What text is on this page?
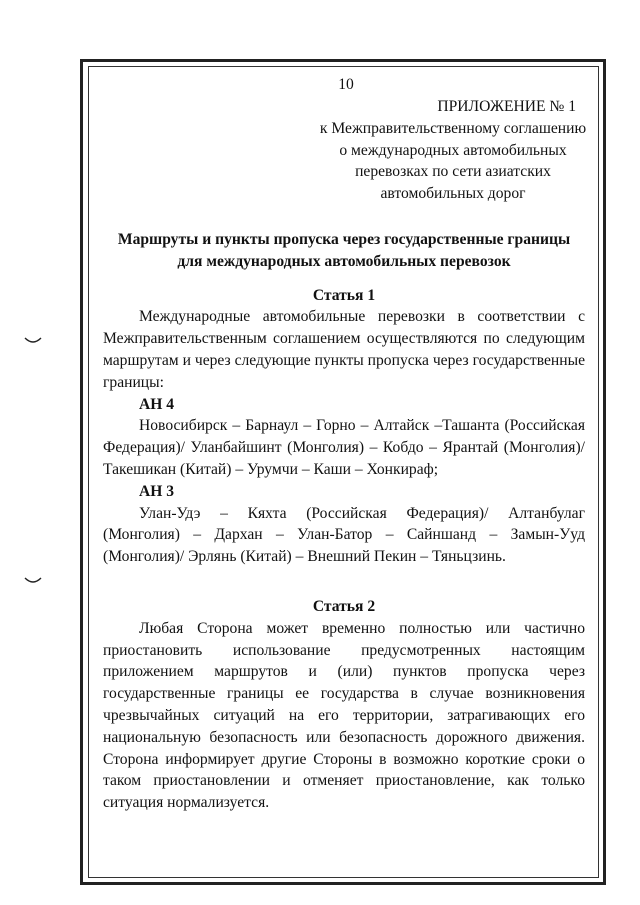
10
ПРИЛОЖЕНИЕ № 1
к Межправительственному соглашению
о международных автомобильных
перевозках по сети азиатских
автомобильных дорог
Маршруты и пункты пропуска через государственные границы
для международных автомобильных перевозок
Статья 1

Международные автомобильные перевозки в соответствии с Межправительственным соглашением осуществляются по следующим маршрутам и через следующие пункты пропуска через государственные границы:

АН 4

Новосибирск – Барнаул – Горно – Алтайск –Ташанта (Российская Федерация)/ Уланбайшинт (Монголия) – Кобдо – Ярантай (Монголия)/ Такешикан (Китай) – Урумчи – Каши – Хонкираф;

АН 3

Улан-Удэ – Кяхта (Российская Федерация)/ Алтанбулаг (Монголия) – Дархан – Улан-Батор – Сайншанд – Замын-Ууд (Монголия)/ Эрлянь (Китай) – Внешний Пекин – Тяньцзинь.

Статья 2

Любая Сторона может временно полностью или частично приостановить использование предусмотренных настоящим приложением маршрутов и (или) пунктов пропуска через государственные границы ее государства в случае возникновения чрезвычайных ситуаций на его территории, затрагивающих его национальную безопасность или безопасность дорожного движения. Сторона информирует другие Стороны в возможно короткие сроки о таком приостановлении и отменяет приостановление, как только ситуация нормализуется.
